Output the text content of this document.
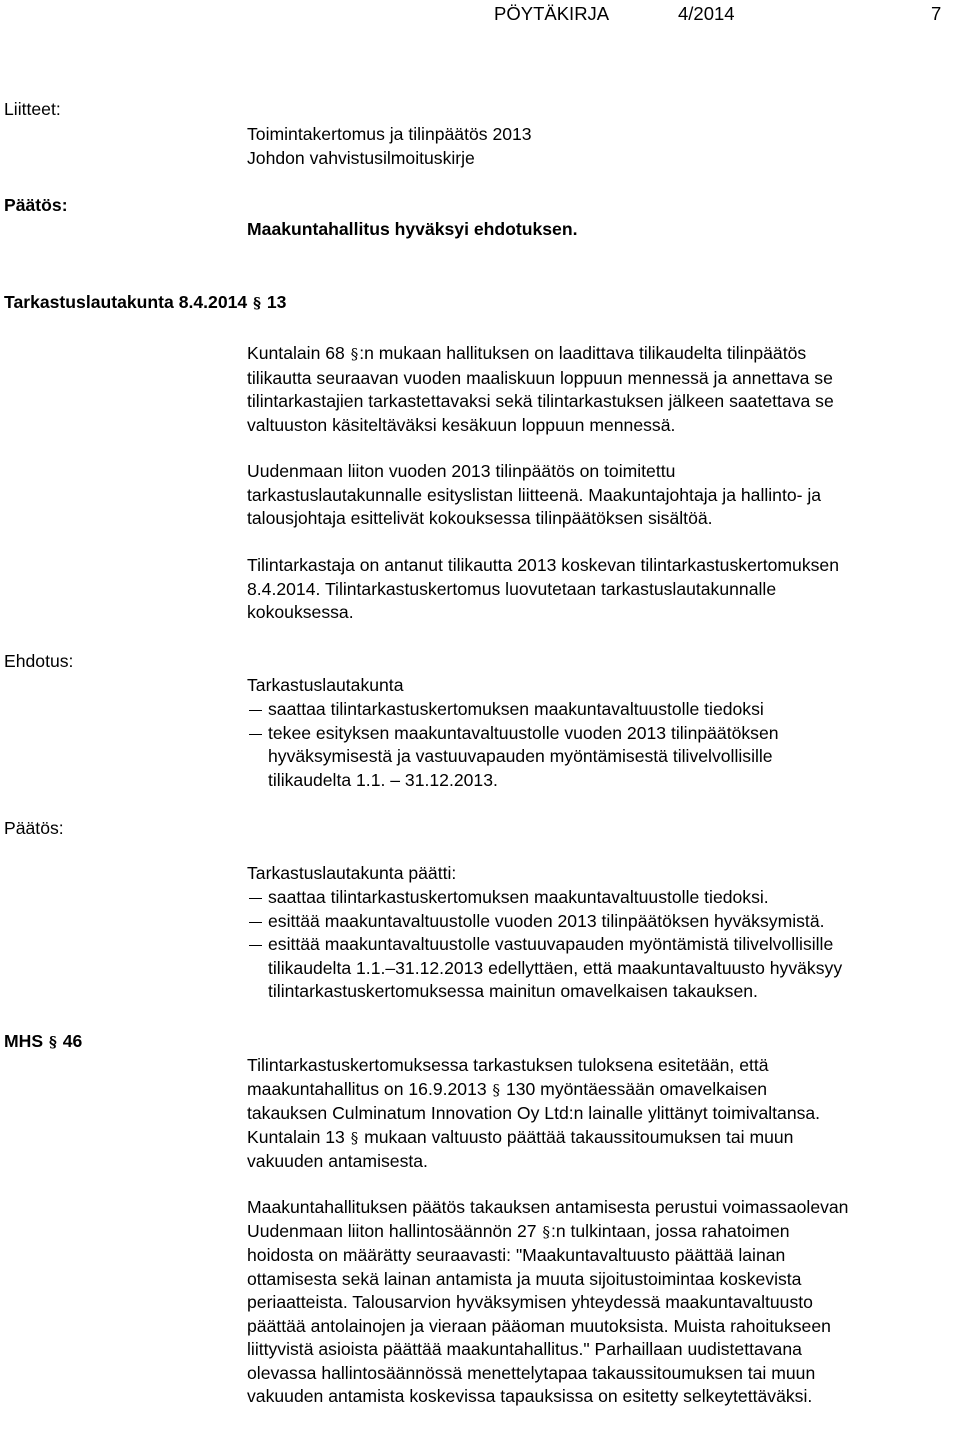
PÖYTÄKIRJA	4/2014	7
Liitteet:
Toimintakertomus ja tilinpäätös 2013
Johdon vahvistusilmoituskirje
Päätös:
Maakuntahallitus hyväksyi ehdotuksen.
Tarkastuslautakunta 8.4.2014 § 13
Kuntalain 68 §:n mukaan hallituksen on laadittava tilikaudelta tilinpäätös
tilikautta seuraavan vuoden maaliskuun loppuun mennessä ja annettava se
tilintarkastajien tarkastettavaksi sekä tilintarkastuksen jälkeen saatettava se
valtuuston käsiteltäväksi kesäkuun loppuun mennessä.
Uudenmaan liiton vuoden 2013 tilinpäätös on toimitettu
tarkastuslautakunnalle esityslistan liitteenä. Maakuntajohtaja ja hallinto- ja
talousjohtaja esittelivät kokouksessa tilinpäätöksen sisältöä.
Tilintarkastaja on antanut tilikautta 2013 koskevan tilintarkastuskertomuksen
8.4.2014. Tilintarkastuskertomus luovutetaan tarkastuslautakunnalle
kokouksessa.
Ehdotus:
Tarkastuslautakunta
saattaa tilintarkastuskertomuksen maakuntavaltuustolle tiedoksi
tekee esityksen maakuntavaltuustolle vuoden 2013 tilinpäätöksen
hyväksymisestä ja vastuuvapauden myöntämisestä tilivelvollisille
tilikaudelta 1.1. – 31.12.2013.
Päätös:
Tarkastuslautakunta päätti:
saattaa tilintarkastuskertomuksen maakuntavaltuustolle tiedoksi.
esittää maakuntavaltuustolle vuoden 2013 tilinpäätöksen hyväksymistä.
esittää maakuntavaltuustolle vastuuvapauden myöntämistä tilivelvollisille
tilikaudelta 1.1.–31.12.2013 edellyttäen, että maakuntavaltuusto hyväksyy
tilintarkastuskertomuksessa mainitun omavelkaisen takauksen.
MHS § 46
Tilintarkastuskertomuksessa tarkastuksen tuloksena esitetään, että
maakuntahallitus on 16.9.2013 § 130 myöntäessään omavelkaisen
takauksen Culminatum Innovation Oy Ltd:n lainalle ylittänyt toimivaltansa.
Kuntalain 13 § mukaan valtuusto päättää takaussitoumuksen tai muun
vakuuden antamisesta.
Maakuntahallituksen päätös takauksen antamisesta perustui voimassaolevan
Uudenmaan liiton hallintosäännön 27 §:n tulkintaan, jossa rahatoimen
hoidosta on määrätty seuraavasti: "Maakuntavaltuusto päättää lainan
ottamisesta sekä lainan antamista ja muuta sijoitustoimintaa koskevista
periaatteista. Talousarvion hyväksymisen yhteydessä maakuntavaltuusto
päättää antolainojen ja vieraan pääoman muutoksista. Muista rahoitukseen
liittyvistä asioista päättää maakuntahallitus." Parhaillaan uudistettavana
olevassa hallintosäännössä menettelytapaa takaussitoumuksen tai muun
vakuuden antamista koskevissa tapauksissa on esitetty selkeytettäväksi.
